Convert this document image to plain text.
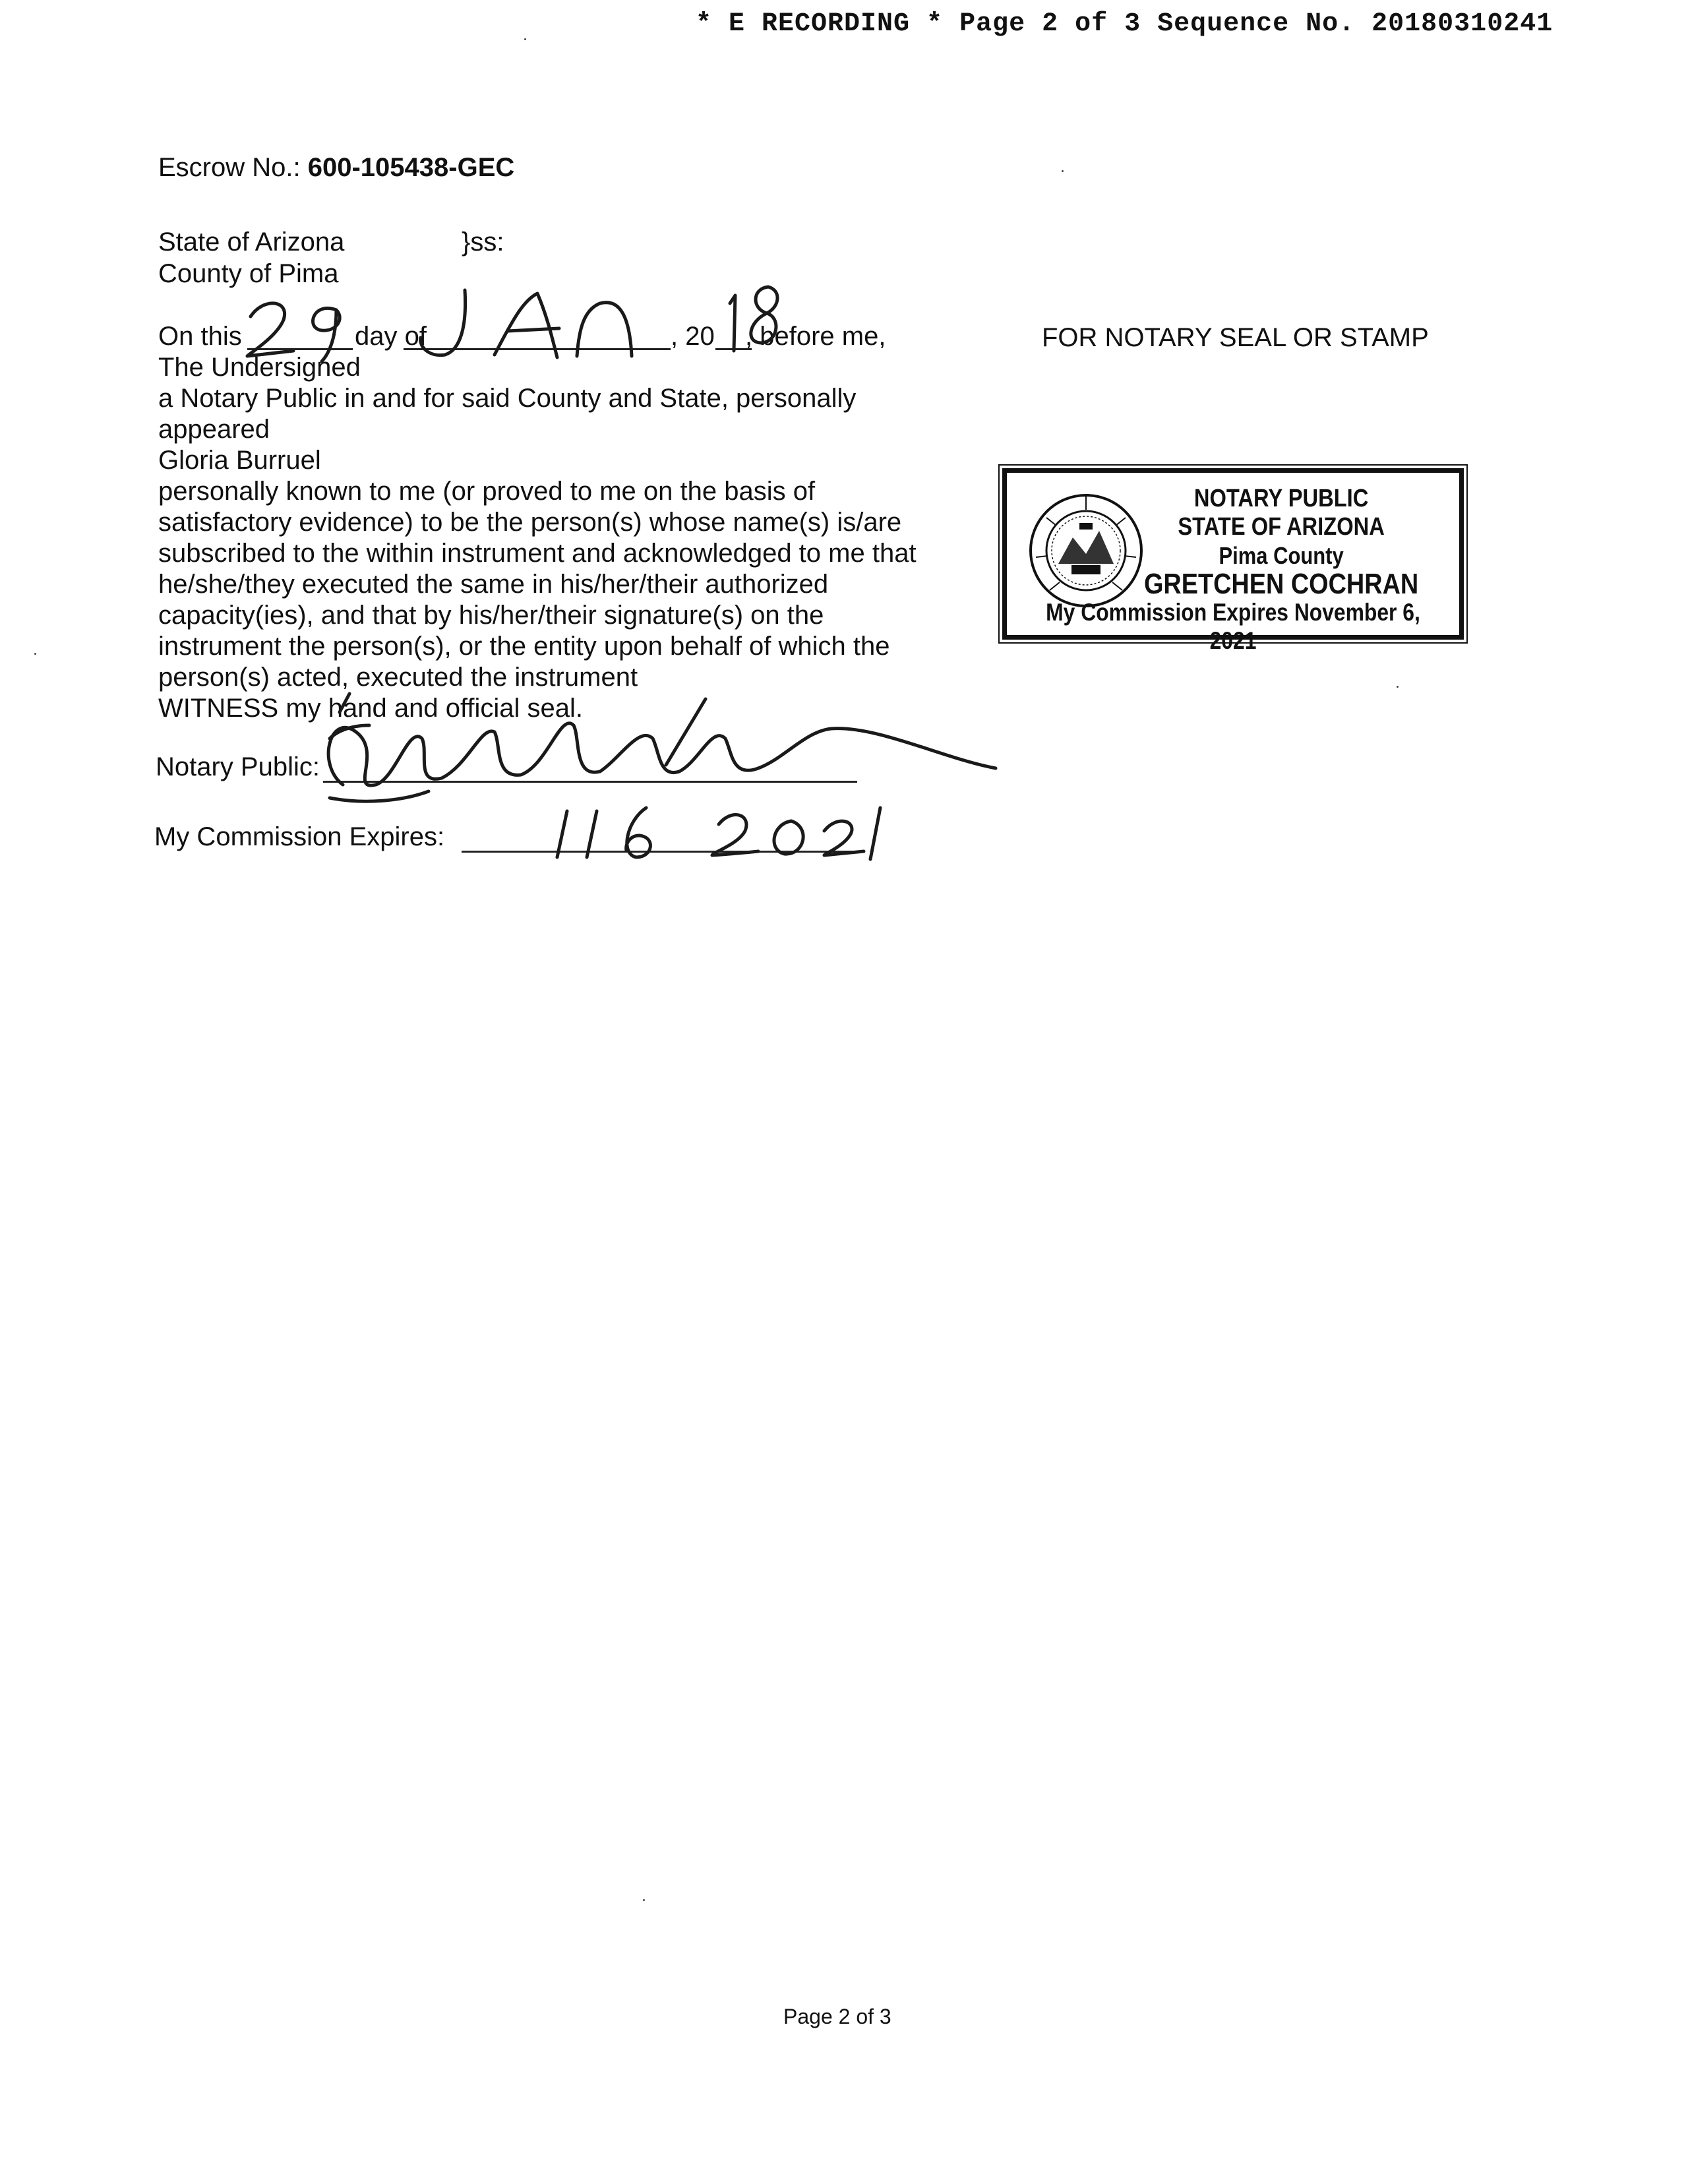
* E RECORDING * Page 2 of 3 Sequence No. 20180310241
Escrow No.: 600-105438-GEC
State of Arizona	}ss:
County of Pima
On this	day of	, 20 , before me,
The Undersigned
a Notary Public in and for said County and State, personally
appeared
Gloria Burruel
personally known to me (or proved to me on the basis of
satisfactory evidence) to be the person(s) whose name(s) is/are
subscribed to the within instrument and acknowledged to me that
he/she/they executed the same in his/her/their authorized
capacity(ies), and that by his/her/their signature(s) on the
instrument the person(s), or the entity upon behalf of which the
person(s) acted, executed the instrument
WITNESS my hand and official seal.
Notary Public:
My Commission Expires:
FOR NOTARY SEAL OR STAMP
NOTARY PUBLIC
STATE OF ARIZONA
Pima County
GRETCHEN COCHRAN
My Commission Expires November 6, 2021
Page 2 of 3
